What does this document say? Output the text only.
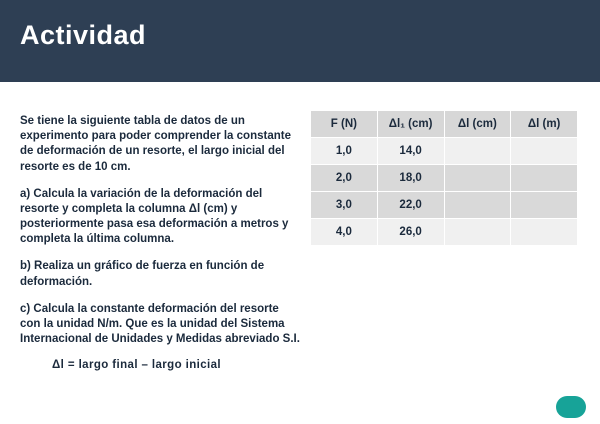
Actividad
Se tiene la siguiente tabla de datos de un experimento para poder comprender la constante de deformación de un resorte, el largo inicial del resorte es de 10 cm.
a) Calcula la variación de la deformación del resorte y completa la columna Δl (cm) y posteriormente pasa esa deformación a metros y completa la última columna.
b) Realiza un gráfico de fuerza en función de deformación.
c) Calcula la constante deformación del resorte con la unidad N/m. Que es la unidad del Sistema Internacional de Unidades y Medidas abreviado S.I.
Δl = largo final – largo inicial
F (N)	Δl₁ (cm)	Δl (cm)	Δl (m)
1,0	14,0		
2,0	18,0		
3,0	22,0		
4,0	26,0		
